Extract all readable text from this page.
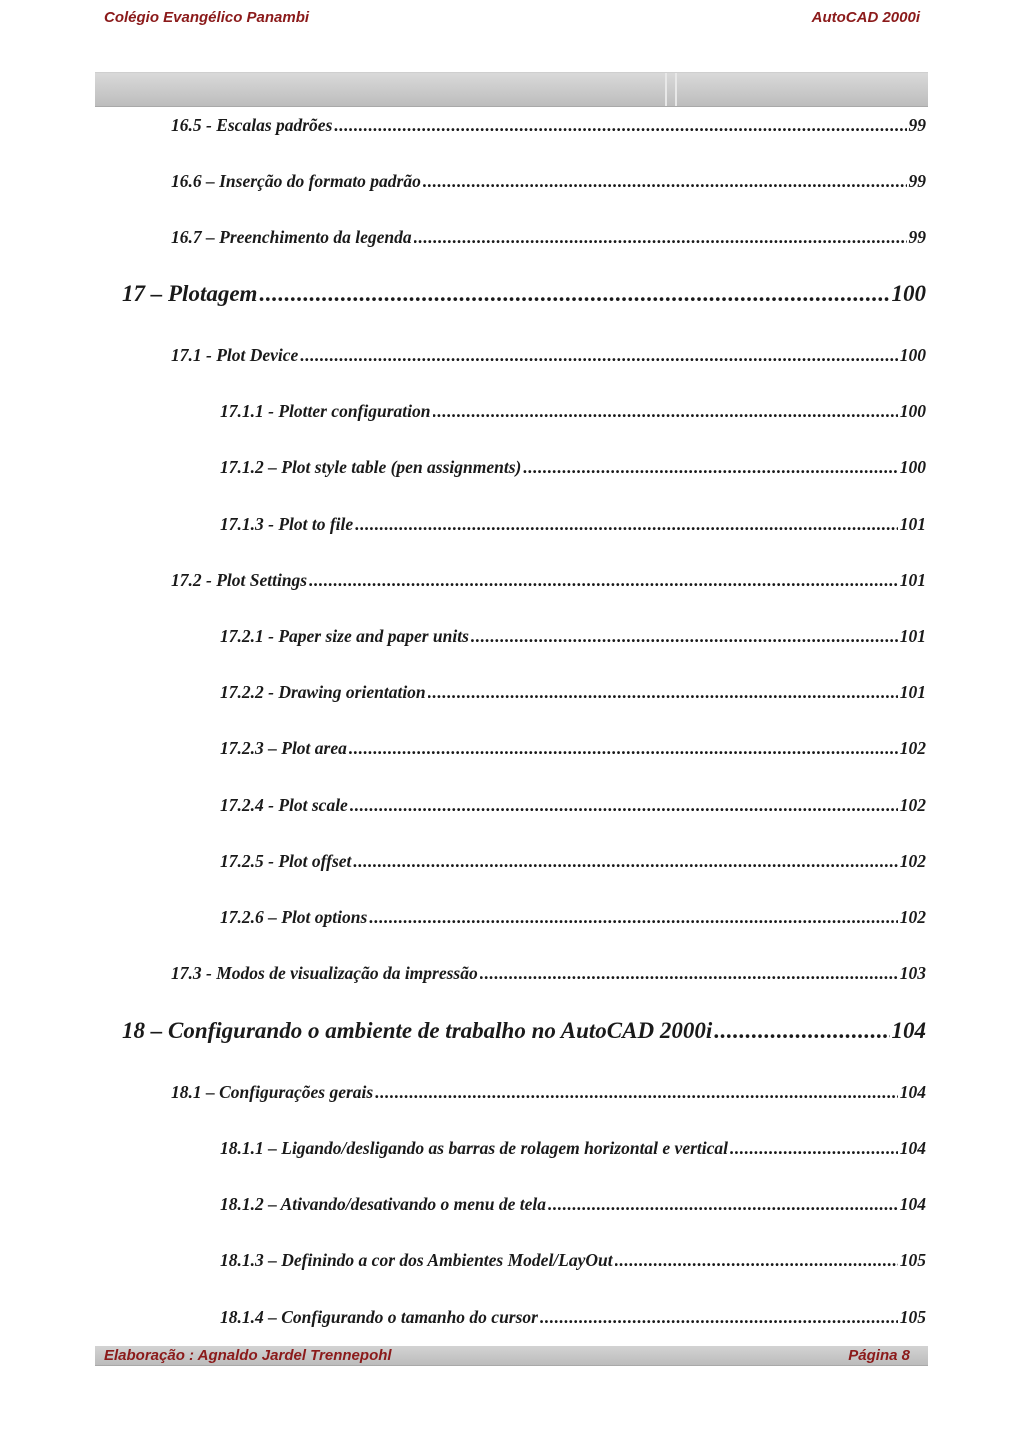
Colégio Evangélico Panambi	AutoCAD 2000i
16.5 - Escalas padrões .....	99
16.6 – Inserção do formato padrão .....	99
16.7 – Preenchimento da legenda .....	99
17 – Plotagem .....	100
17.1 - Plot Device .....	100
17.1.1 - Plotter configuration .....	100
17.1.2 – Plot style table (pen assignments) .....	100
17.1.3 - Plot to file .....	101
17.2 - Plot Settings .....	101
17.2.1 - Paper size and paper units .....	101
17.2.2 - Drawing orientation .....	101
17.2.3 – Plot area .....	102
17.2.4 - Plot scale .....	102
17.2.5 - Plot offset .....	102
17.2.6 – Plot options .....	102
17.3 - Modos de visualização da impressão .....	103
18 – Configurando o ambiente de trabalho no AutoCAD 2000i .....	104
18.1 – Configurações gerais .....	104
18.1.1 – Ligando/desligando as barras de rolagem horizontal e vertical .....	104
18.1.2 – Ativando/desativando o menu de tela .....	104
18.1.3 – Definindo a cor dos Ambientes Model/LayOut .....	105
18.1.4 – Configurando o tamanho do cursor .....	105
Elaboração : Agnaldo Jardel Trennepohl	Página 8
